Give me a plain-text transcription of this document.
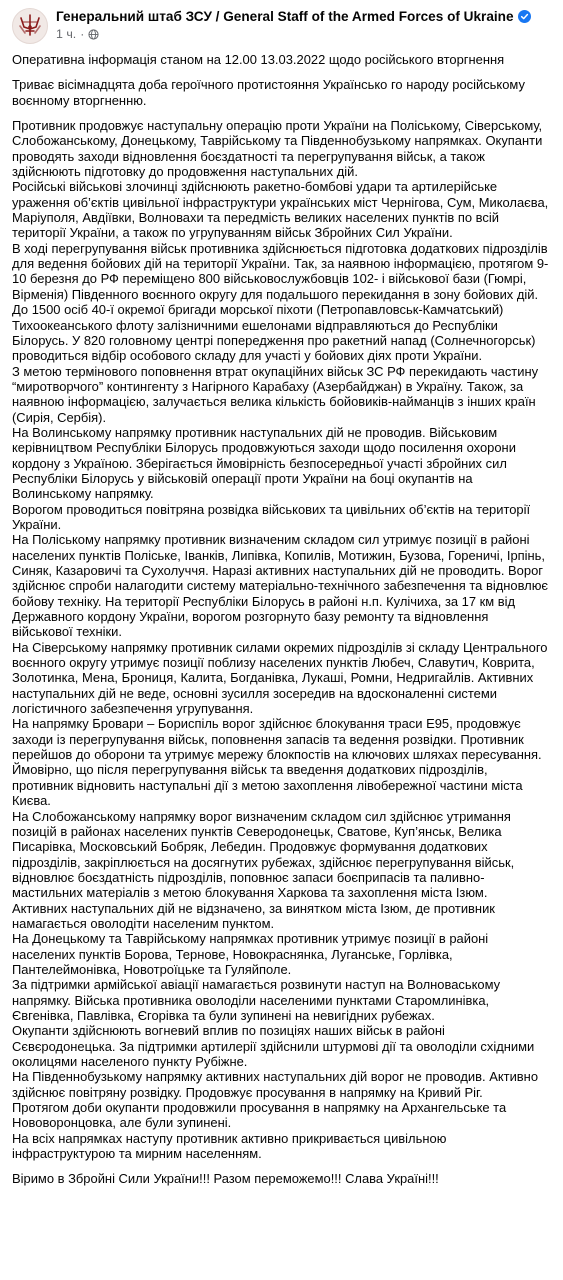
Генеральний штаб ЗСУ / General Staff of the Armed Forces of Ukraine
1 ч. ·

Оперативна інформація станом на 12.00 13.03.2022 щодо російського вторгнення

Триває вісімнадцята доба героїчного протистояння Українсько го народу російському воєнному вторгненню.

Противник продовжує наступальну операцію проти України на Поліському, Сіверському, Слобожанському, Донецькому, Таврійському та Південнобузькому напрямках. Окупанти проводять заходи відновлення боєздатності та перегрупування військ, а також здійснюють підготовку до продовження наступальних дій.

Російські військові злочинці здійснюють ракетно-бомбові удари та артилерійське ураження об’єктів цивільної інфраструктури українських міст Чернігова, Сум, Миколаєва, Маріуполя, Авдіївки, Волновахи та передмість великих населених пунктів по всій території України, а також по угрупуванням військ Збройних Сил України.

В ході перегрупування військ противника здійснюється підготовка додаткових підрозділів для ведення бойових дій на території України. Так, за наявною інформацією, протягом 9-10 березня до РФ переміщено 800 військовослужбовців 102- і військової бази (Гюмрі, Вірменія) Південного воєнного округу для подальшого перекидання в зону бойових дій. До 1500 осіб 40-ї окремої бригади морської піхоти (Петропавловськ-Камчатський) Тихоокеанського флоту залізничними ешелонами відправляються до Республіки Білорусь. У 820 головному центрі попередження про ракетний напад (Солнечногорськ) проводиться відбір особового складу для участі у бойових діях проти України.

З метою термінового поповнення втрат окупаційних військ ЗС РФ перекидають частину “миротворчого” контингенту з Нагірного Карабаху (Азербайджан) в Україну. Також, за наявною інформацією, залучається велика кількість бойовиків-найманців з інших країн (Сирія, Сербія).

На Волинському напрямку противник наступальних дій не проводив. Військовим керівництвом Республіки Білорусь продовжуються заходи щодо посилення охорони кордону з Україною. Зберігається ймовірність безпосередньої участі збройних сил Республіки Білорусь у військовій операції проти України на боці окупантів на Волинському напрямку.

Ворогом проводиться повітряна розвідка військових та цивільних об’єктів на території України.

На Поліському напрямку противник визначеним складом сил утримує позиції в районі населених пунктів Поліське, Іванків, Липівка, Копилів, Мотижин, Бузова, Гореничі, Ірпінь, Синяк, Казаровичі та Сухолуччя. Наразі активних наступальних дій не проводить. Ворог здійснює спроби налагодити систему матеріально-технічного забезпечення та відновлює бойову техніку. На території Республіки Білорусь в районі н.п. Кулічиха, за 17 км від Державного кордону України, ворогом розгорнуто базу ремонту та відновлення військової техніки.

На Сіверському напрямку противник силами окремих підрозділів зі складу Центрального воєнного округу утримує позиції поблизу населених пунктів Любеч, Славутич, Коврита, Золотинка, Мена, Брониця, Калита, Богданівка, Лукаші, Ромни, Недригайлів. Активних наступальних дій не веде, основні зусилля зосередив на вдосконаленні системи логістичного забезпечення угрупування.

На напрямку Бровари – Бориспіль ворог здійснює блокування траси Е95, продовжує заходи із перегрупування військ, поповнення запасів та ведення розвідки. Противник перейшов до оборони та утримує мережу блокпостів на ключових шляхах пересування. Ймовірно, що після перегрупування військ та введення додаткових підрозділів, противник відновить наступальні дії з метою захоплення лівобережної частини міста Києва.

На Слобожанському напрямку ворог визначеним складом сил здійснює утримання позицій в районах населених пунктів Северодонецьк, Сватове, Куп’янськ, Велика Писарівка, Московський Бобряк, Лебедин. Продовжує формування додаткових підрозділів, закріплюється на досягнутих рубежах, здійснює перегрупування військ, відновлює боєздатність підрозділів, поповнює запаси боєприпасів та паливно-мастильних матеріалів з метою блокування Харкова та захоплення міста Ізюм.

Активних наступальних дій не відзначено, за винятком міста Ізюм, де противник намагається оволодіти населеним пунктом.

На Донецькому та Таврійському напрямках противник утримує позиції в районі населених пунктів Борова, Тернове, Новокраснянка, Луганське, Горлівка, Пантелеймонівка, Новотроїцьке та Гуляйполе.

За підтримки армійської авіації намагається розвинути наступ на Волноваському напрямку. Війська противника оволоділи населеними пунктами Старомлинівка, Євгенівка, Павлівка, Єгорівка та були зупинені на невигідних рубежах.

Окупанти здійснюють вогневий вплив по позиціях наших військ в районі Сєвєродонецька. За підтримки артилерії здійснили штурмові дії та оволоділи східними околицями населеного пункту Рубіжне.

На Південнобузькому напрямку активних наступальних дій ворог не проводив. Активно здійснює повітряну розвідку. Продовжує просування в напрямку на Кривий Ріг.

Протягом доби окупанти продовжили просування в напрямку на Архангельське та Нововоронцовка, але були зупинені.

На всіх напрямках наступу противник активно прикривається цивільною інфраструктурою та мирним населенням.

Віримо в Збройні Сили України!!! Разом переможемо!!! Слава Україні!!!
